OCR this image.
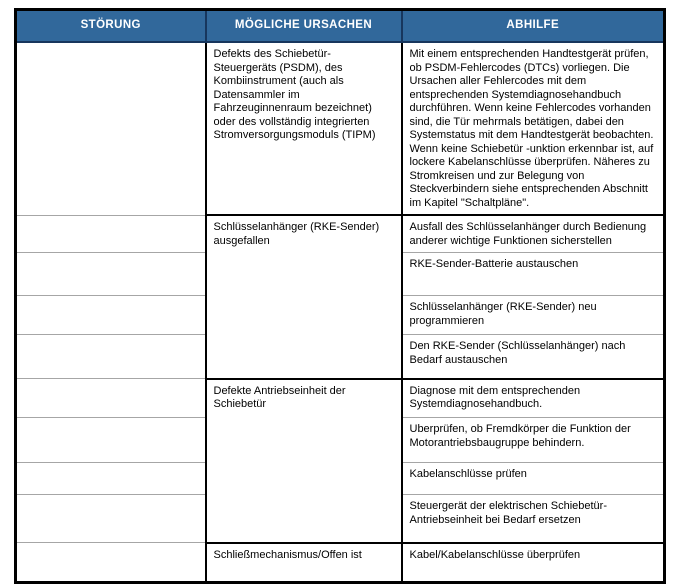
STÖRUNG	MÖGLICHE URSACHEN	ABHILFE
	Defekts des Schiebetür-Steuergeräts (PSDM), des Kombiinstrument (auch als Datensammler im Fahrzeuginnenraum bezeichnet) oder des vollständig integrierten Stromversorgungsmoduls (TIPM)	Mit einem entsprechenden Handtestgerät prüfen, ob PSDM-Fehlercodes (DTCs) vorliegen. Die Ursachen aller Fehlercodes mit dem entsprechenden Systemdiagnosehandbuch durchführen. Wenn keine Fehlercodes vorhanden sind, die Tür mehrmals betätigen, dabei den Systemstatus mit dem Handtestgerät beobachten. Wenn keine Schiebetür -unktion erkennbar ist, auf lockere Kabelanschlüsse überprüfen. Näheres zu Stromkreisen und zur Belegung von Steckverbindern siehe entsprechenden Abschnitt im Kapitel "Schaltpläne".
	Schlüsselanhänger (RKE-Sender) ausgefallen	Ausfall des Schlüsselanhänger durch Bedienung anderer wichtige Funktionen sicherstellen
		RKE-Sender-Batterie austauschen
		Schlüsselanhänger (RKE-Sender) neu programmieren
		Den RKE-Sender (Schlüsselanhänger) nach Bedarf austauschen
	Defekte Antriebseinheit der Schiebetür	Diagnose mit dem entsprechenden Systemdiagnosehandbuch.
		Uberprüfen, ob Fremdkörper die Funktion der Motorantriebsbaugruppe behindern.
		Kabelanschlüsse prüfen
		Steuergerät der elektrischen Schiebetür-Antriebseinheit bei Bedarf ersetzen
	Schließmechanismus/Offen ist	Kabel/Kabelanschlüsse überprüfen
